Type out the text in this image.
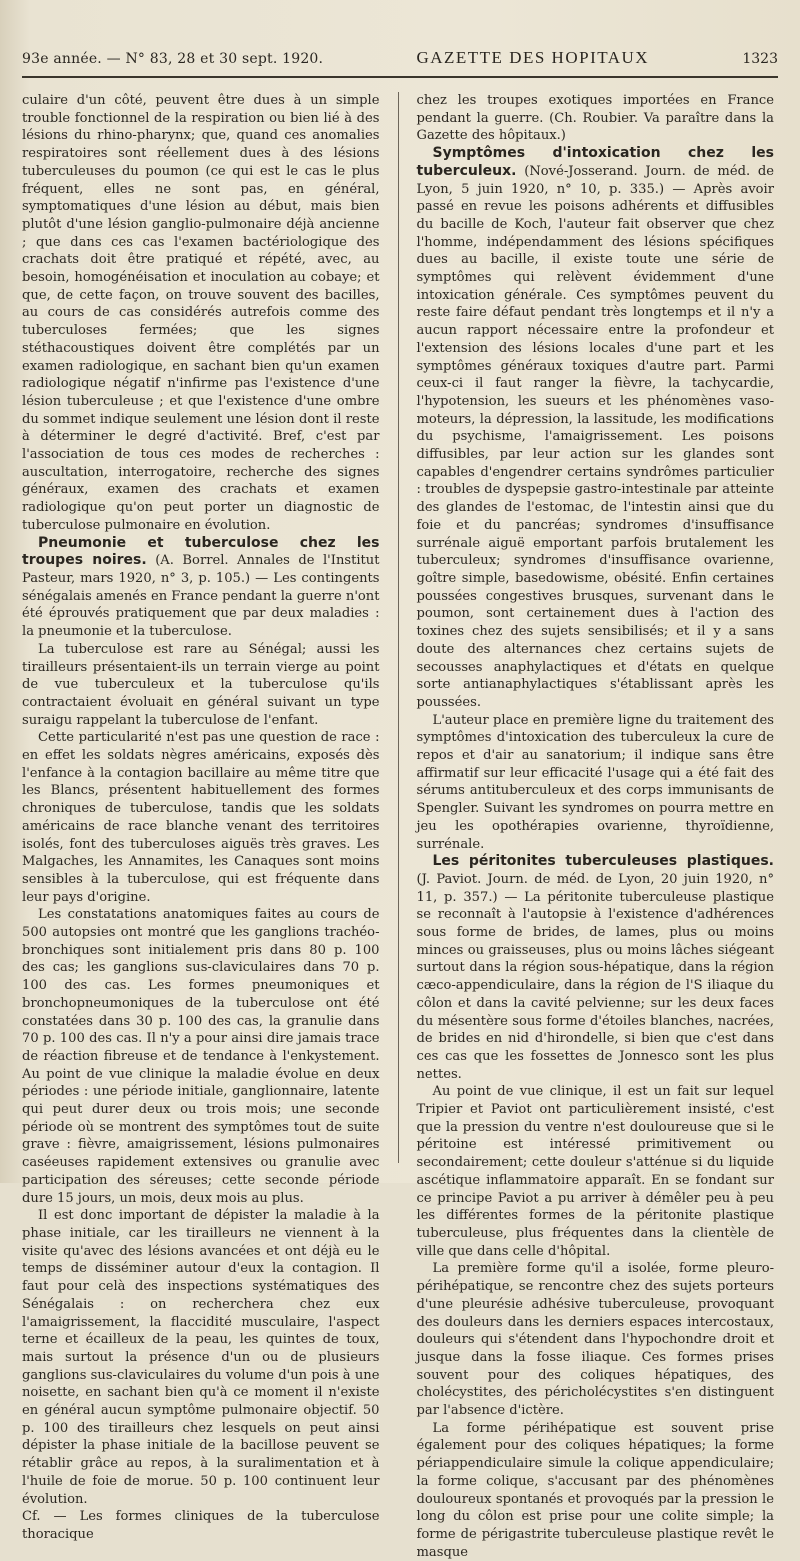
93e année. — N° 83, 28 et 30 sept. 1920.	GAZETTE DES HOPITAUX	1323

culaire d'un côté, peuvent être dues à un simple trouble fonctionnel de la respiration ou bien lié à des lésions du rhino-pharynx; que, quand ces anomalies respiratoires sont réellement dues à des lésions tuberculeuses du poumon (ce qui est le cas le plus fréquent, elles ne sont pas, en général, symptomatiques d'une lésion au début, mais bien plutôt d'une lésion ganglio-pulmonaire déjà ancienne ; que dans ces cas l'examen bactériologique des crachats doit être pratiqué et répété, avec, au besoin, homogénéisation et inoculation au cobaye; et que, de cette façon, on trouve souvent des bacilles, au cours de cas considérés autrefois comme des tuberculoses fermées; que les signes stéthacoustiques doivent être complétés par un examen radiologique, en sachant bien qu'un examen radiologique négatif n'infirme pas l'existence d'une lésion tuberculeuse ; et que l'existence d'une ombre du sommet indique seulement une lésion dont il reste à déterminer le degré d'activité. Bref, c'est par l'association de tous ces modes de recherches : auscultation, interrogatoire, recherche des signes généraux, examen des crachats et examen radiologique qu'on peut porter un diagnostic de tuberculose pulmonaire en évolution.

Pneumonie et tuberculose chez les troupes noires. (A. Borrel. Annales de l'Institut Pasteur, mars 1920, n° 3, p. 105.) — Les contingents sénégalais amenés en France pendant la guerre n'ont été éprouvés pratiquement que par deux maladies : la pneumonie et la tuberculose.

La tuberculose est rare au Sénégal; aussi les tirailleurs présentaient-ils un terrain vierge au point de vue tuberculeux et la tuberculose qu'ils contractaient évoluait en général suivant un type suraigu rappelant la tuberculose de l'enfant.

Cette particularité n'est pas une question de race : en effet les soldats nègres américains, exposés dès l'enfance à la contagion bacillaire au même titre que les Blancs, présentent habituellement des formes chroniques de tuberculose, tandis que les soldats américains de race blanche venant des territoires isolés, font des tuberculoses aiguës très graves. Les Malgaches, les Annamites, les Canaques sont moins sensibles à la tuberculose, qui est fréquente dans leur pays d'origine.

Les constatations anatomiques faites au cours de 500 autopsies ont montré que les ganglions trachéo-bronchiques sont initialement pris dans 80 p. 100 des cas; les ganglions sus-claviculaires dans 70 p. 100 des cas. Les formes pneumoniques et bronchopneumoniques de la tuberculose ont été constatées dans 30 p. 100 des cas, la granulie dans 70 p. 100 des cas. Il n'y a pour ainsi dire jamais trace de réaction fibreuse et de tendance à l'enkystement. Au point de vue clinique la maladie évolue en deux périodes : une période initiale, ganglionnaire, latente qui peut durer deux ou trois mois; une seconde période où se montrent des symptômes tout de suite grave : fièvre, amaigrissement, lésions pulmonaires caséeuses rapidement extensives ou granulie avec participation des séreuses; cette seconde période dure 15 jours, un mois, deux mois au plus.

Il est donc important de dépister la maladie à la phase initiale, car les tirailleurs ne viennent à la visite qu'avec des lésions avancées et ont déjà eu le temps de disséminer autour d'eux la contagion. Il faut pour celà des inspections systématiques des Sénégalais : on recherchera chez eux l'amaigrissement, la flaccidité musculaire, l'aspect terne et écailleux de la peau, les quintes de toux, mais surtout la présence d'un ou de plusieurs ganglions sus-claviculaires du volume d'un pois à une noisette, en sachant bien qu'à ce moment il n'existe en général aucun symptôme pulmonaire objectif. 50 p. 100 des tirailleurs chez lesquels on peut ainsi dépister la phase initiale de la bacillose peuvent se rétablir grâce au repos, à la suralimentation et à l'huile de foie de morue. 50 p. 100 continuent leur évolution.

Cf. — Les formes cliniques de la tuberculose thoracique

chez les troupes exotiques importées en France pendant la guerre. (Ch. Roubier. Va paraître dans la Gazette des hôpitaux.)

Symptômes d'intoxication chez les tuberculeux. (Nové-Josserand. Journ. de méd. de Lyon, 5 juin 1920, n° 10, p. 335.) — Après avoir passé en revue les poisons adhérents et diffusibles du bacille de Koch, l'auteur fait observer que chez l'homme, indépendamment des lésions spécifiques dues au bacille, il existe toute une série de symptômes qui relèvent évidemment d'une intoxication générale. Ces symptômes peuvent du reste faire défaut pendant très longtemps et il n'y a aucun rapport nécessaire entre la profondeur et l'extension des lésions locales d'une part et les symptômes généraux toxiques d'autre part. Parmi ceux-ci il faut ranger la fièvre, la tachycardie, l'hypotension, les sueurs et les phénomènes vaso-moteurs, la dépression, la lassitude, les modifications du psychisme, l'amaigrissement. Les poisons diffusibles, par leur action sur les glandes sont capables d'engendrer certains syndrômes particulier : troubles de dyspepsie gastro-intestinale par atteinte des glandes de l'estomac, de l'intestin ainsi que du foie et du pancréas; syndromes d'insuffisance surrénale aiguë emportant parfois brutalement les tuberculeux; syndromes d'insuffisance ovarienne, goître simple, basedowisme, obésité. Enfin certaines poussées congestives brusques, survenant dans le poumon, sont certainement dues à l'action des toxines chez des sujets sensibilisés; et il y a sans doute des alternances chez certains sujets de secousses anaphylactiques et d'états en quelque sorte antianaphylactiques s'établissant après les poussées.

L'auteur place en première ligne du traitement des symptômes d'intoxication des tuberculeux la cure de repos et d'air au sanatorium; il indique sans être affirmatif sur leur efficacité l'usage qui a été fait des sérums antituberculeux et des corps immunisants de Spengler. Suivant les syndromes on pourra mettre en jeu les opothérapies ovarienne, thyroïdienne, surrénale.

Les péritonites tuberculeuses plastiques. (J. Paviot. Journ. de méd. de Lyon, 20 juin 1920, n° 11, p. 357.) — La péritonite tuberculeuse plastique se reconnaît à l'autopsie à l'existence d'adhérences sous forme de brides, de lames, plus ou moins minces ou graisseuses, plus ou moins lâches siégeant surtout dans la région sous-hépatique, dans la région cæco-appendiculaire, dans la région de l'S iliaque du côlon et dans la cavité pelvienne; sur les deux faces du mésentère sous forme d'étoiles blanches, nacrées, de brides en nid d'hirondelle, si bien que c'est dans ces cas que les fossettes de Jonnesco sont les plus nettes.

Au point de vue clinique, il est un fait sur lequel Tripier et Paviot ont particulièrement insisté, c'est que la pression du ventre n'est douloureuse que si le péritoine est intéressé primitivement ou secondairement; cette douleur s'atténue si du liquide ascétique inflammatoire apparaît. En se fondant sur ce principe Paviot a pu arriver à démêler peu à peu les différentes formes de la péritonite plastique tuberculeuse, plus fréquentes dans la clientèle de ville que dans celle d'hôpital.

La première forme qu'il a isolée, forme pleuro-périhépatique, se rencontre chez des sujets porteurs d'une pleurésie adhésive tuberculeuse, provoquant des douleurs dans les derniers espaces intercostaux, douleurs qui s'étendent dans l'hypochondre droit et jusque dans la fosse iliaque. Ces formes prises souvent pour des coliques hépatiques, des cholécystites, des péricholécystites s'en distinguent par l'absence d'ictère.

La forme périhépatique est souvent prise également pour des coliques hépatiques; la forme périappendiculaire simule la colique appendiculaire; la forme colique, s'accusant par des phénomènes douloureux spontanés et provoqués par la pression le long du côlon est prise pour une colite simple; la forme de périgastrite tuberculeuse plastique revêt le masque
